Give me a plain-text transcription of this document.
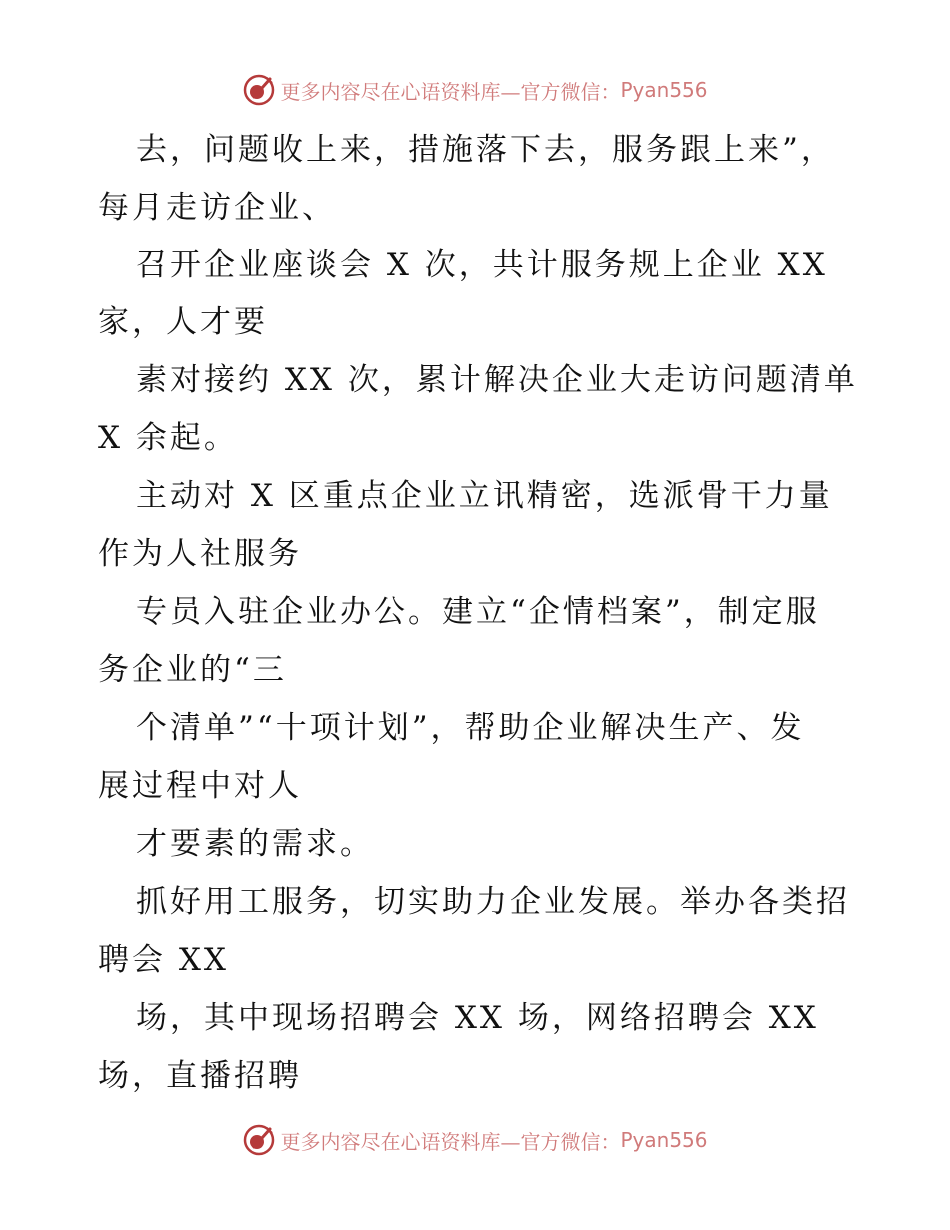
更多内容尽在心语资料库—官方微信： Pyan556
去，问题收上来，措施落下去，服务跟上来”，
每月走访企业、
召开企业座谈会 X 次，共计服务规上企业 XX
家，人才要
素对接约 XX 次，累计解决企业大走访问题清单
X 余起。
主动对 X 区重点企业立讯精密，选派骨干力量
作为人社服务
专员入驻企业办公。建立“企情档案”，制定服
务企业的“三
个清单”“十项计划”，帮助企业解决生产、发
展过程中对人
才要素的需求。
抓好用工服务，切实助力企业发展。举办各类招
聘会 XX
场，其中现场招聘会 XX 场，网络招聘会 XX
场，直播招聘
更多内容尽在心语资料库—官方微信： Pyan556
